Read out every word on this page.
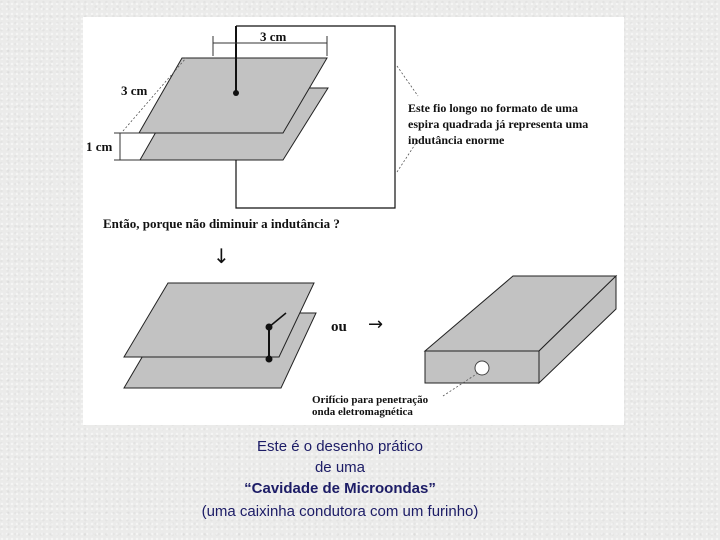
3 cm
3 cm
1 cm
Este fio longo no formato de uma
espira quadrada já representa uma
indutância enorme
Então, porque não diminuir a indutância ?
↓
ou →
Orifício para penetração
onda eletromagnética
Este é o desenho prático
de uma
“Cavidade de Microondas”
(uma caixinha condutora com um furinho)
